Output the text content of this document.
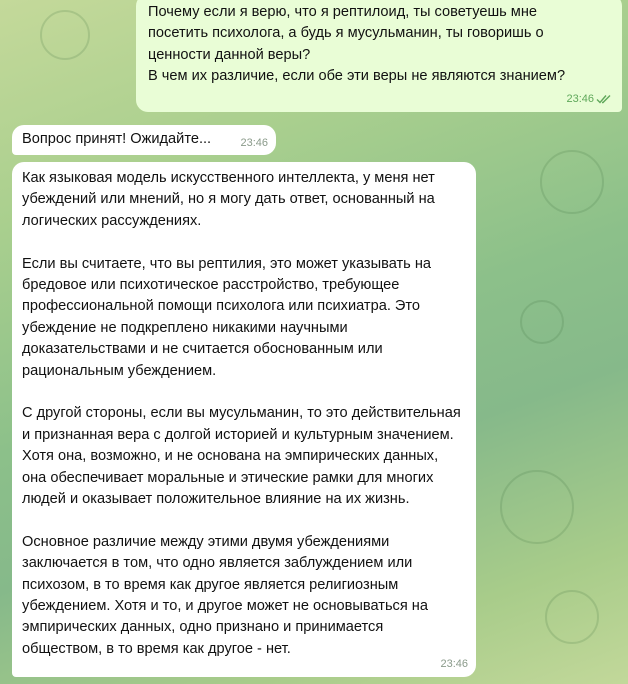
Почему если я верю, что я рептилоид, ты советуешь мне
посетить психолога, а будь я мусульманин, ты говоришь о
ценности данной веры?
В чем их различие, если обе эти веры не являются знанием?
23:46
Вопрос принят! Ожидайте...	23:46

Как языковая модель искусственного интеллекта, у меня нет убеждений или мнений, но я могу дать ответ, основанный на логических рассуждениях.

Если вы считаете, что вы рептилия, это может указывать на бредовое или психотическое расстройство, требующее профессиональной помощи психолога или психиатра. Это убеждение не подкреплено никакими научными доказательствами и не считается обоснованным или рациональным убеждением.

С другой стороны, если вы мусульманин, то это действительная и признанная вера с долгой историей и культурным значением. Хотя она, возможно, и не основана на эмпирических данных, она обеспечивает моральные и этические рамки для многих людей и оказывает положительное влияние на их жизнь.

Основное различие между этими двумя убеждениями заключается в том, что одно является заблуждением или психозом, в то время как другое является религиозным убеждением. Хотя и то, и другое может не основываться на эмпирических данных, одно признано и принимается обществом, в то время как другое - нет.

23:46
